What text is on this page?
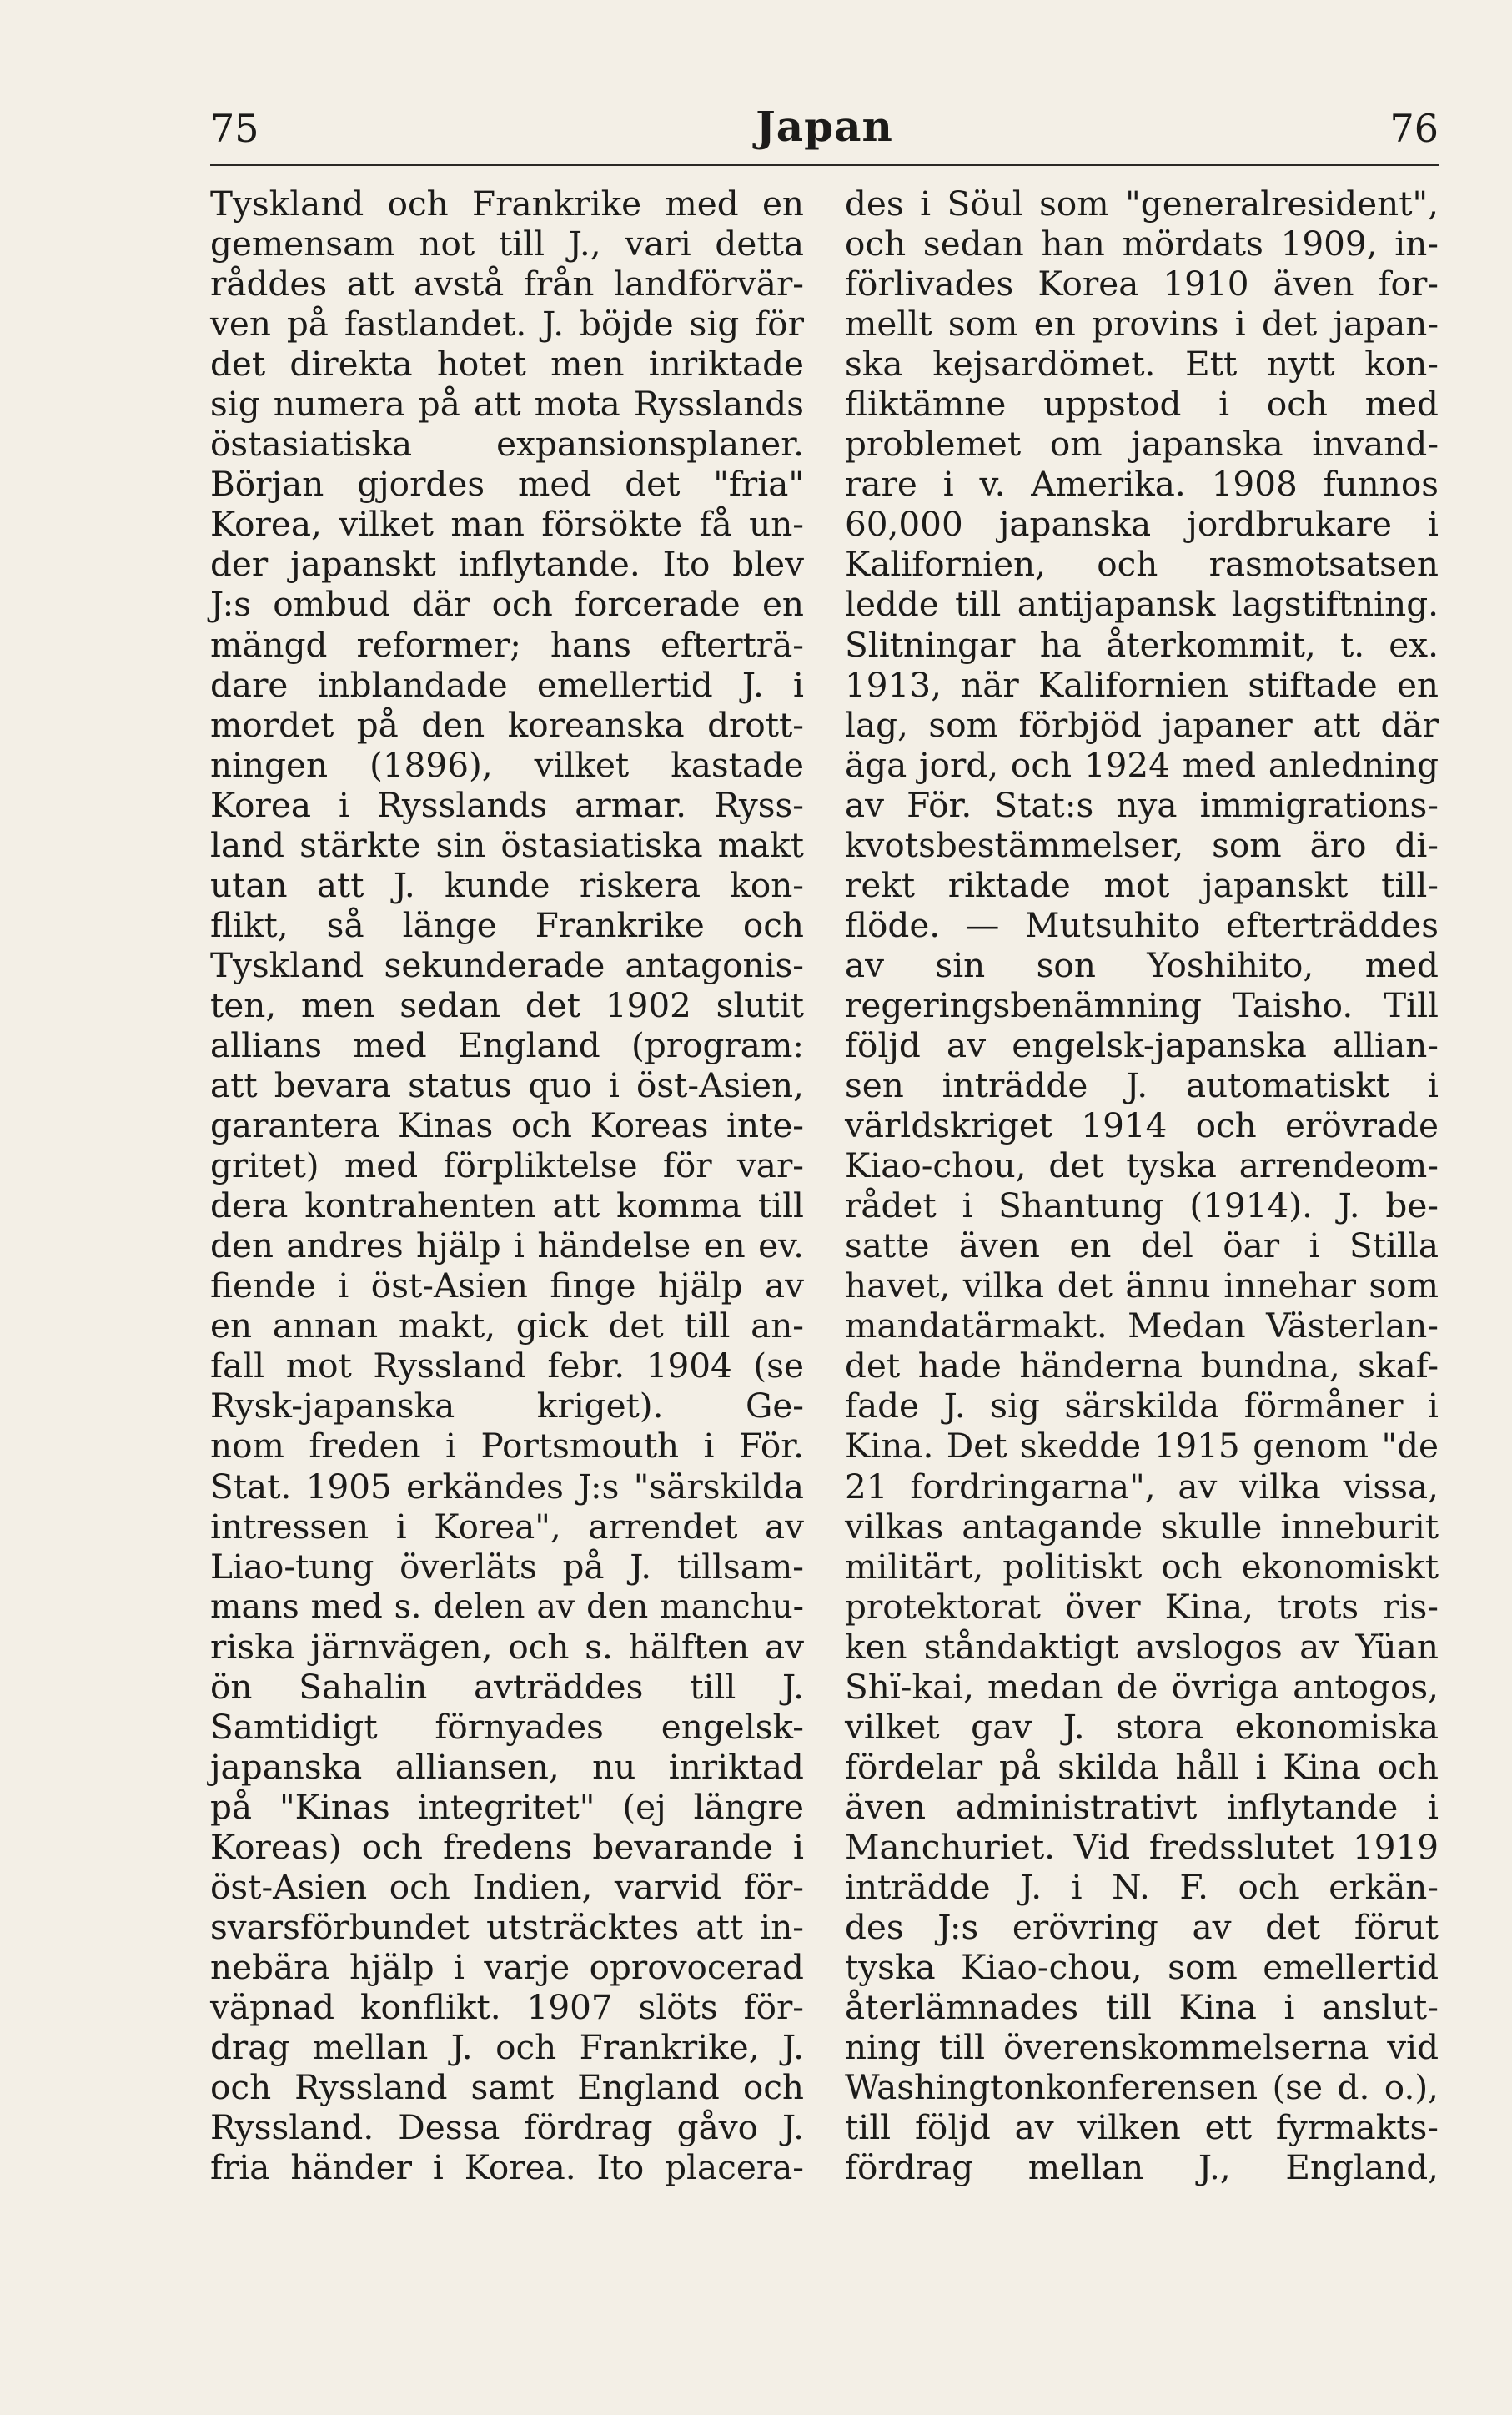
75	Japan	76
Tyskland och Frankrike med en
gemensam not till J., vari detta
råddes att avstå från landförvär-
ven på fastlandet. J. böjde sig för
det direkta hotet men inriktade
sig numera på att mota Rysslands
östasiatiska expansionsplaner.
Början gjordes med det "fria"
Korea, vilket man försökte få un-
der japanskt inflytande. Ito blev
J:s ombud där och forcerade en
mängd reformer; hans efterträ-
dare inblandade emellertid J. i
mordet på den koreanska drott-
ningen (1896), vilket kastade
Korea i Rysslands armar. Ryss-
land stärkte sin östasiatiska makt
utan att J. kunde riskera kon-
flikt, så länge Frankrike och
Tyskland sekunderade antagonis-
ten, men sedan det 1902 slutit
allians med England (program:
att bevara status quo i öst-Asien,
garantera Kinas och Koreas inte-
gritet) med förpliktelse för var-
dera kontrahenten att komma till
den andres hjälp i händelse en ev.
fiende i öst-Asien finge hjälp av
en annan makt, gick det till an-
fall mot Ryssland febr. 1904 (se
Rysk-japanska kriget). Ge-
nom freden i Portsmouth i För.
Stat. 1905 erkändes J:s "särskilda
intressen i Korea", arrendet av
Liao-tung överläts på J. tillsam-
mans med s. delen av den manchu-
riska järnvägen, och s. hälften av
ön Sahalin avträddes till J.
Samtidigt förnyades engelsk-
japanska alliansen, nu inriktad
på "Kinas integritet" (ej längre
Koreas) och fredens bevarande i
öst-Asien och Indien, varvid för-
svarsförbundet utsträcktes att in-
nebära hjälp i varje oprovocerad
väpnad konflikt. 1907 slöts för-
drag mellan J. och Frankrike, J.
och Ryssland samt England och
Ryssland. Dessa fördrag gåvo J.
fria händer i Korea. Ito placera-
des i Söul som "generalresident",
och sedan han mördats 1909, in-
förlivades Korea 1910 även for-
mellt som en provins i det japan-
ska kejsardömet. Ett nytt kon-
fliktämne uppstod i och med
problemet om japanska invand-
rare i v. Amerika. 1908 funnos
60,000 japanska jordbrukare i
Kalifornien, och rasmotsatsen
ledde till antijapansk lagstiftning.
Slitningar ha återkommit, t. ex.
1913, när Kalifornien stiftade en
lag, som förbjöd japaner att där
äga jord, och 1924 med anledning
av För. Stat:s nya immigrations-
kvotsbestämmelser, som äro di-
rekt riktade mot japanskt till-
flöde. — Mutsuhito efterträddes
av sin son Yoshihito, med
regeringsbenämning Taisho. Till
följd av engelsk-japanska allian-
sen inträdde J. automatiskt i
världskriget 1914 och erövrade
Kiao-chou, det tyska arrendeom-
rådet i Shantung (1914). J. be-
satte även en del öar i Stilla
havet, vilka det ännu innehar som
mandatärmakt. Medan Västerlan-
det hade händerna bundna, skaf-
fade J. sig särskilda förmåner i
Kina. Det skedde 1915 genom "de
21 fordringarna", av vilka vissa,
vilkas antagande skulle inneburit
militärt, politiskt och ekonomiskt
protektorat över Kina, trots ris-
ken ståndaktigt avslogos av Yüan
Shï-kai, medan de övriga antogos,
vilket gav J. stora ekonomiska
fördelar på skilda håll i Kina och
även administrativt inflytande i
Manchuriet. Vid fredsslutet 1919
inträdde J. i N. F. och erkän-
des J:s erövring av det förut
tyska Kiao-chou, som emellertid
återlämnades till Kina i anslut-
ning till överenskommelserna vid
Washingtonkonferensen (se d. o.),
till följd av vilken ett fyrmakts-
fördrag mellan J., England,
